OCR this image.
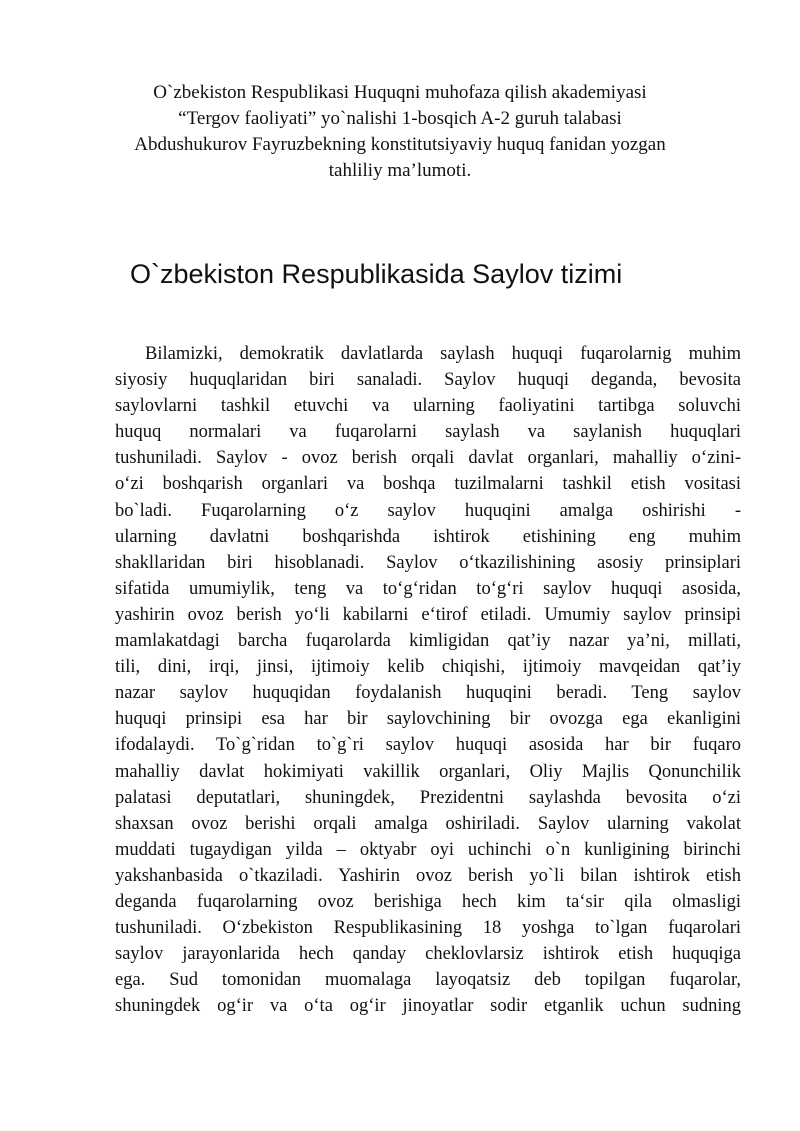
O`zbekiston Respublikasi Huquqni muhofaza qilish akademiyasi
“Tergov faoliyati” yo`nalishi 1-bosqich A-2 guruh talabasi
Abdushukurov Fayruzbekning konstitutsiyaviy huquq fanidan yozgan
tahliliy ma’lumoti.
O`zbekiston Respublikasida Saylov tizimi
Bilamizki, demokratik davlatlarda saylash huquqi fuqarolarnig muhim
siyosiy huquqlaridan biri sanaladi. Saylov huquqi deganda, bevosita
saylovlarni tashkil etuvchi va ularning faoliyatini tartibga soluvchi
huquq normalari va fuqarolarni saylash va saylanish huquqlari
tushuniladi. Saylov - ovoz berish orqali davlat organlari, mahalliy o‘zini-
o‘zi boshqarish organlari va boshqa tuzilmalarni tashkil etish vositasi
bo`ladi. Fuqarolarning o‘z saylov huquqini amalga oshirishi -
ularning davlatni boshqarishda ishtirok etishining eng muhim
shakllaridan biri hisoblanadi. Saylov o‘tkazilishining asosiy prinsiplari
sifatida umumiylik, teng va to‘g‘ridan to‘g‘ri saylov huquqi asosida,
yashirin ovoz berish yo‘li kabilarni e‘tirof etiladi. Umumiy saylov prinsipi
mamlakatdagi barcha fuqarolarda kimligidan qat’iy nazar ya’ni, millati,
tili, dini, irqi, jinsi, ijtimoiy kelib chiqishi, ijtimoiy mavqeidan qat’iy
nazar saylov huquqidan foydalanish huquqini beradi. Teng saylov
huquqi prinsipi esa har bir saylovchining bir ovozga ega ekanligini
ifodalaydi. To`g`ridan to`g`ri saylov huquqi asosida har bir fuqaro
mahalliy davlat hokimiyati vakillik organlari, Oliy Majlis Qonunchilik
palatasi deputatlari, shuningdek, Prezidentni saylashda bevosita o‘zi
shaxsan ovoz berishi orqali amalga oshiriladi. Saylov ularning vakolat
muddati tugaydigan yilda – oktyabr oyi uchinchi o`n kunligining birinchi
yakshanbasida o`tkaziladi. Yashirin ovoz berish yo`li bilan ishtirok etish
deganda fuqarolarning ovoz berishiga hech kim ta‘sir qila olmasligi
tushuniladi. O‘zbekiston Respublikasining 18 yoshga to`lgan fuqarolari
saylov jarayonlarida hech qanday cheklovlarsiz ishtirok etish huquqiga
ega. Sud tomonidan muomalaga layoqatsiz deb topilgan fuqarolar,
shuningdek og‘ir va o‘ta og‘ir jinoyatlar sodir etganlik uchun sudning
